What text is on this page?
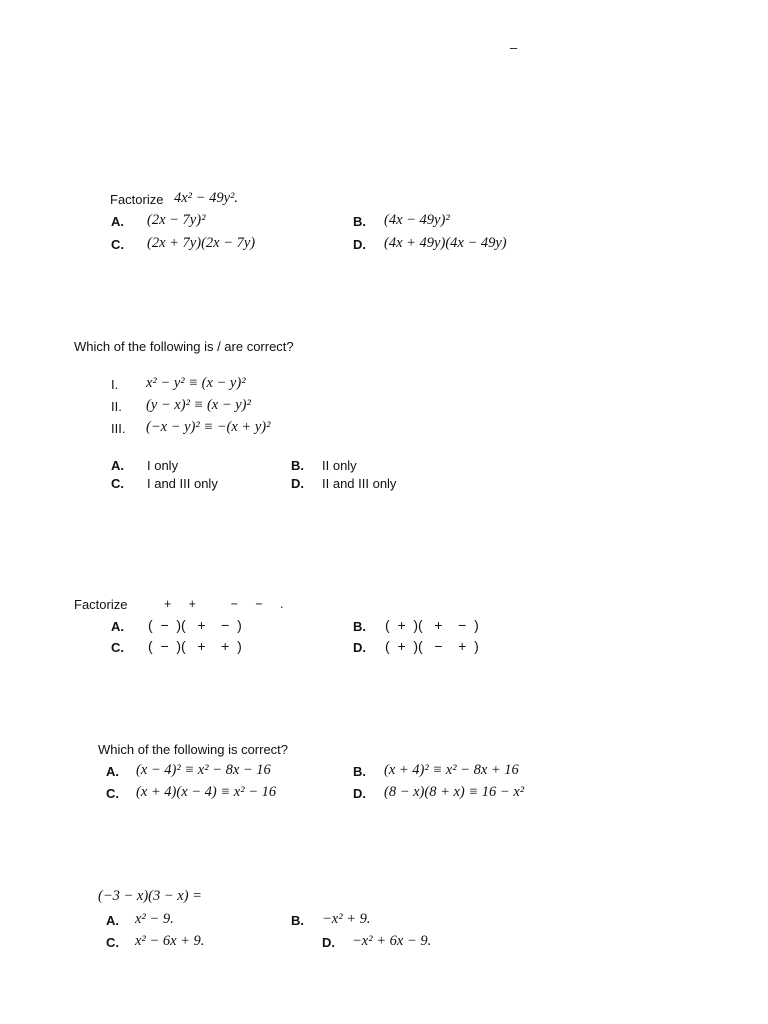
–
Factorize 4x² − 49y².
A. (2x − 7y)²	B. (4x − 49y)²
C. (2x + 7y)(2x − 7y)	D. (4x + 49y)(4x − 49y)
Which of the following is / are correct?
I. x² − y² ≡ (x − y)²
II. (y − x)² ≡ (x − y)²
III. (−x − y)² ≡ −(x + y)²
A. I only	B. II only
C. I and III only	D. II and III only
Factorize	+     +          −     −     .
A. (  −  )(   +    −  )	B. (  +  )(   +    −  )
C. (  −  )(   +    +  )	D. (  +  )(   −    +  )
Which of the following is correct?
A. (x − 4)² ≡ x² − 8x − 16	B. (x + 4)² ≡ x² − 8x + 16
C. (x + 4)(x − 4) ≡ x² − 16	D. (8 − x)(8 + x) ≡ 16 − x²
(−3 − x)(3 − x) =
A. x² − 9.	B. −x² + 9.
C. x² − 6x + 9.	D. −x² + 6x − 9.
